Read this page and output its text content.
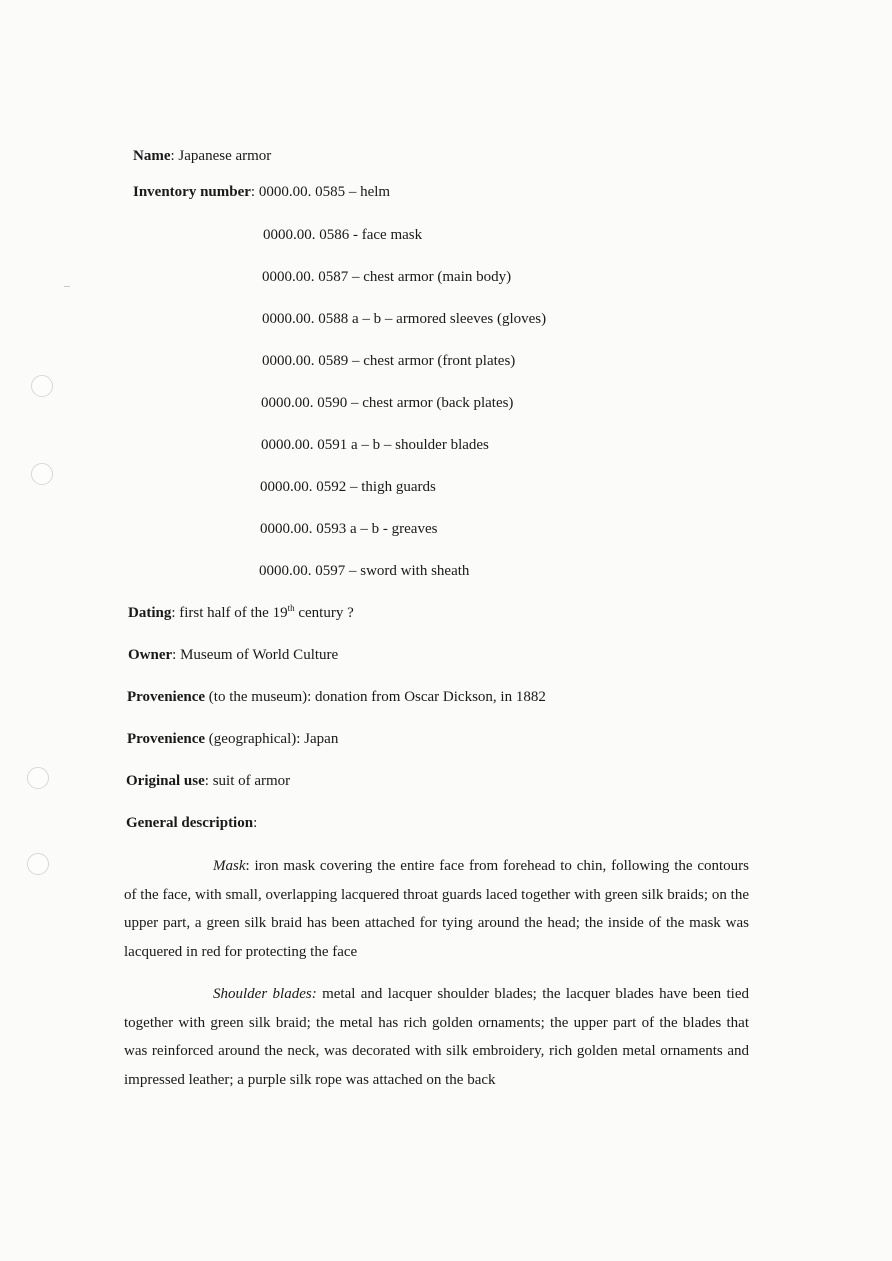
Name: Japanese armor
Inventory number: 0000.00. 0585 – helm
0000.00. 0586 - face mask
0000.00. 0587 – chest armor (main body)
0000.00. 0588 a – b – armored sleeves (gloves)
0000.00. 0589 – chest armor (front plates)
0000.00. 0590 – chest armor (back plates)
0000.00. 0591 a – b – shoulder blades
0000.00. 0592 – thigh guards
0000.00. 0593 a – b - greaves
0000.00. 0597 – sword with sheath
Dating: first half of the 19th century ?
Owner: Museum of World Culture
Provenience (to the museum): donation from Oscar Dickson, in 1882
Provenience (geographical): Japan
Original use: suit of armor
General description:
Mask: iron mask covering the entire face from forehead to chin, following the contours of the face, with small, overlapping lacquered throat guards laced together with green silk braids; on the upper part, a green silk braid has been attached for tying around the head; the inside of the mask was lacquered in red for protecting the face
Shoulder blades: metal and lacquer shoulder blades; the lacquer blades have been tied together with green silk braid; the metal has rich golden ornaments; the upper part of the blades that was reinforced around the neck, was decorated with silk embroidery, rich golden metal ornaments and impressed leather; a purple silk rope was attached on the back
